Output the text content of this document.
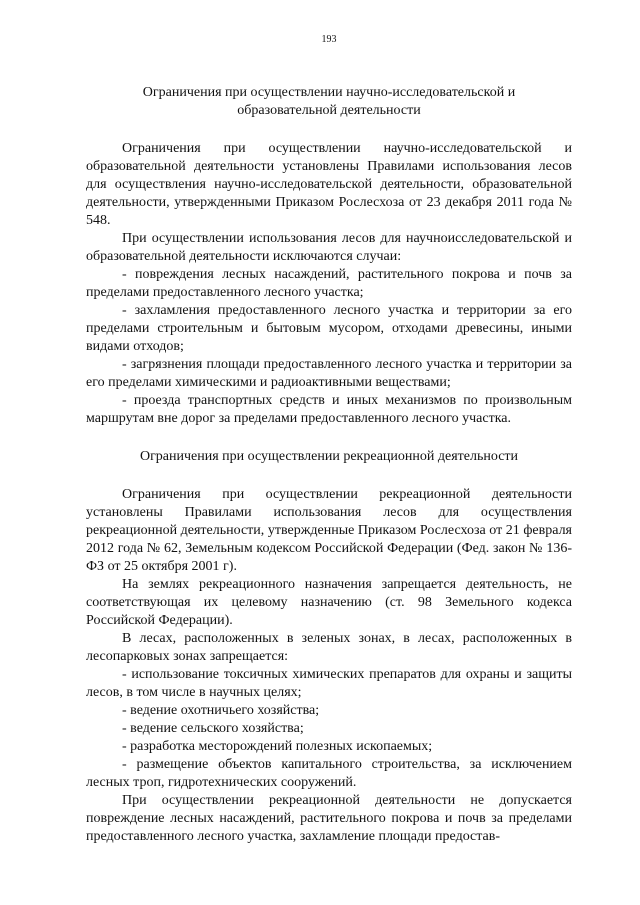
193
Ограничения при осуществлении научно-исследовательской и образовательной деятельности

Ограничения при осуществлении научно-исследовательской и образовательной деятельности установлены Правилами использования лесов для осуществления научно-исследовательской деятельности, образовательной деятельности, утвержденными Приказом Рослесхоза от 23 декабря 2011 года № 548.

При осуществлении использования лесов для научноисследовательской и образовательной деятельности исключаются случаи:

- повреждения лесных насаждений, растительного покрова и почв за пределами предоставленного лесного участка;

- захламления предоставленного лесного участка и территории за его пределами строительным и бытовым мусором, отходами древесины, иными видами отходов;

- загрязнения площади предоставленного лесного участка и территории за его пределами химическими и радиоактивными веществами;

- проезда транспортных средств и иных механизмов по произвольным маршрутам вне дорог за пределами предоставленного лесного участка.

Ограничения при осуществлении рекреационной деятельности

Ограничения при осуществлении рекреационной деятельности установлены Правилами использования лесов для осуществления рекреационной деятельности, утвержденные Приказом Рослесхоза от 21 февраля 2012 года № 62, Земельным кодексом Российской Федерации (Фед. закон № 136-ФЗ от 25 октября 2001 г).

На землях рекреационного назначения запрещается деятельность, не соответствующая их целевому назначению (ст. 98 Земельного кодекса Российской Федерации).

В лесах, расположенных в зеленых зонах, в лесах, расположенных в лесопарковых зонах запрещается:

- использование токсичных химических препаратов для охраны и защиты лесов, в том числе в научных целях;

- ведение охотничьего хозяйства;

- ведение сельского хозяйства;

- разработка месторождений полезных ископаемых;

- размещение объектов капитального строительства, за исключением лесных троп, гидротехнических сооружений.

При осуществлении рекреационной деятельности не допускается повреждение лесных насаждений, растительного покрова и почв за пределами предоставленного лесного участка, захламление площади предостав-
